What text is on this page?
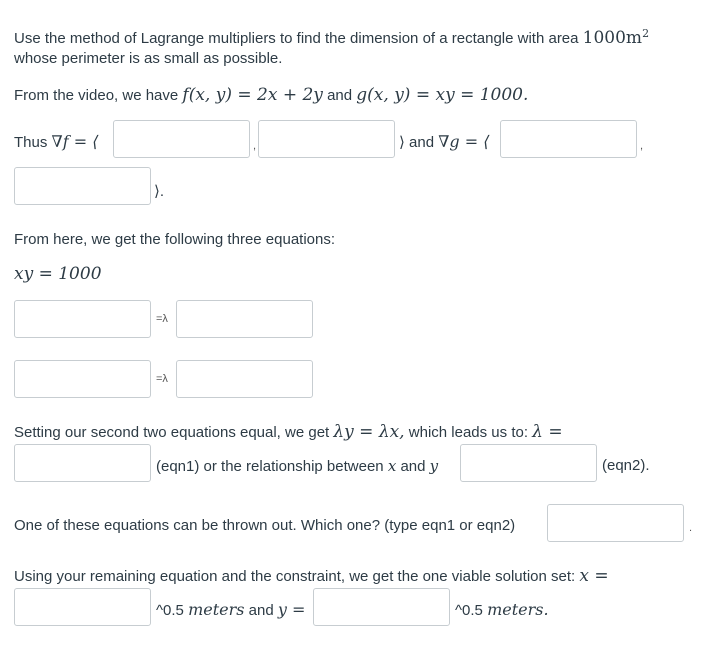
Use the method of Lagrange multipliers to find the dimension of a rectangle with area $1000m^2$
whose perimeter is as small as possible.
From the video, we have f(x, y) = 2x + 2y and g(x, y) = xy = 1000.
Thus ∇f = ⟨	,	⟩ and ∇g = ⟨	,
⟩.
From here, we get the following three equations:
xy = 1000
=λ
=λ
Setting our second two equations equal, we get λy = λx, which leads us to: λ =
(eqn1) or the relationship between x and y	(eqn2).
One of these equations can be thrown out. Which one? (type eqn1 or eqn2)	.
Using your remaining equation and the constraint, we get the one viable solution set: x =
^0.5 meters and y =	^0.5 meters.
